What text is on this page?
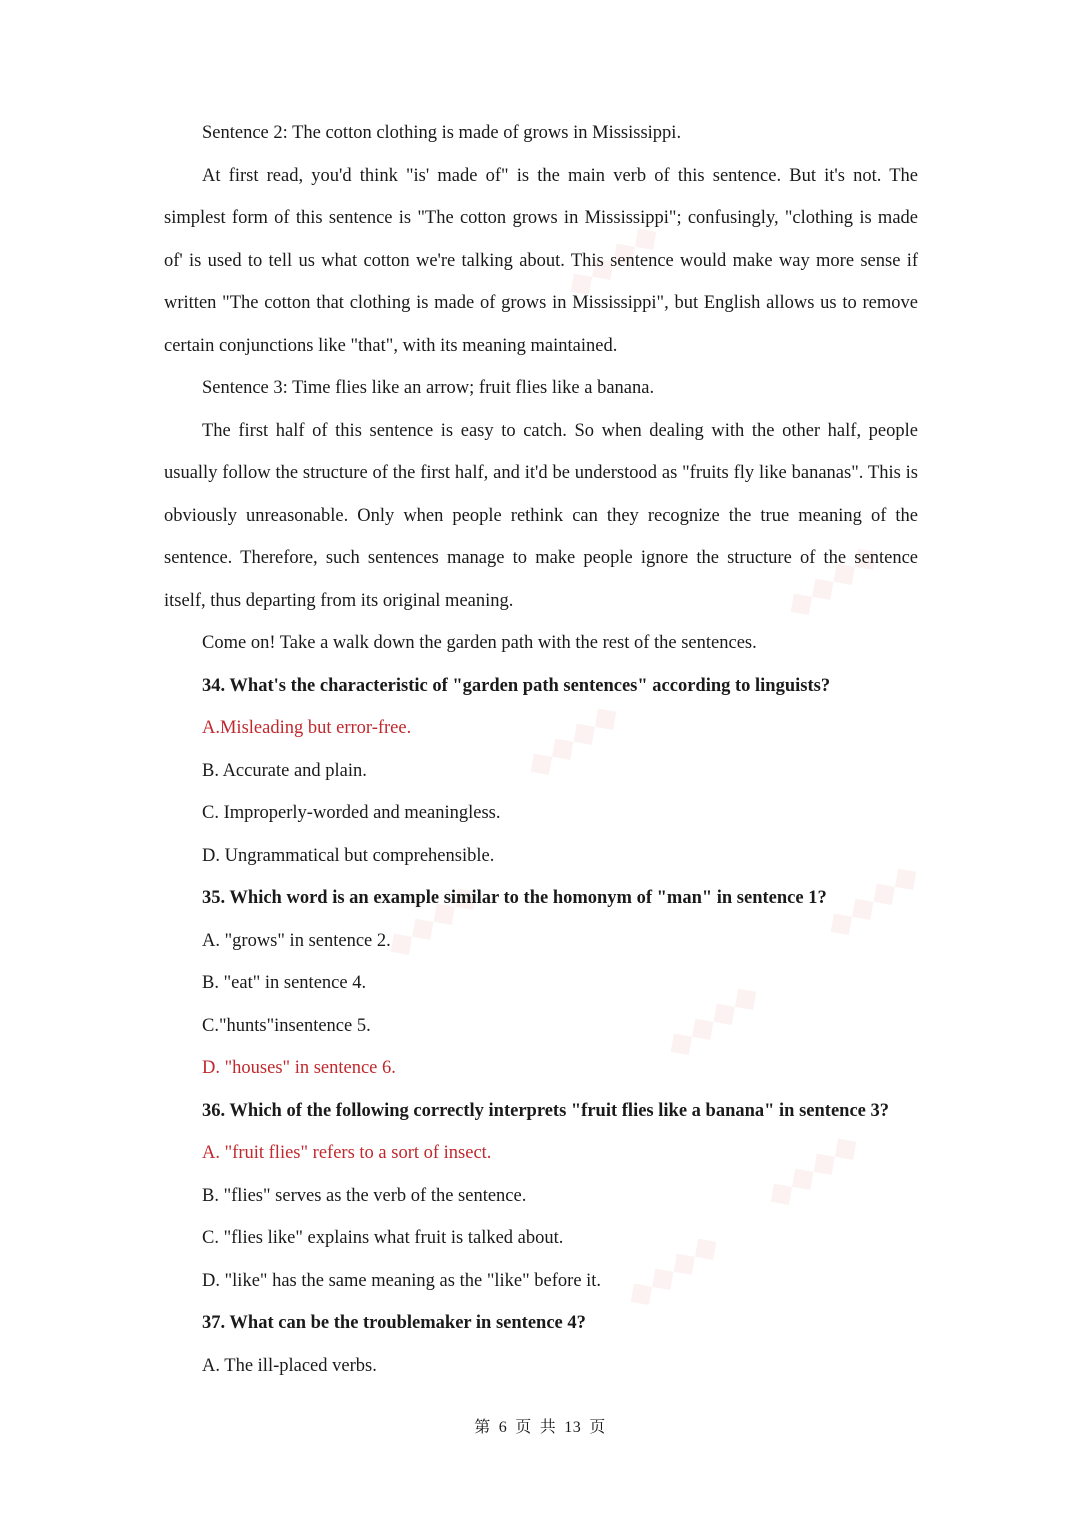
◆◆◆◆
◆◆◆◆
◆◆◆◆
◆◆◆◆	◆◆◆◆
◆◆◆◆
◆◆◆◆
◆◆◆◆

Sentence 2: The cotton clothing is made of grows in Mississippi.

At first read, you'd think "is' made of" is the main verb of this sentence. But it's not. The simplest form of this sentence is "The cotton grows in Mississippi"; confusingly, "clothing is made of' is used to tell us what cotton we're talking about. This sentence would make way more sense if written "The cotton that clothing is made of grows in Mississippi", but English allows us to remove certain conjunctions like "that", with its meaning maintained.

Sentence 3: Time flies like an arrow; fruit flies like a banana.

The first half of this sentence is easy to catch. So when dealing with the other half, people usually follow the structure of the first half, and it'd be understood as "fruits fly like bananas". This is obviously unreasonable. Only when people rethink can they recognize the true meaning of the sentence. Therefore, such sentences manage to make people ignore the structure of the sentence itself, thus departing from its original meaning.

Come on! Take a walk down the garden path with the rest of the sentences.

34. What's the characteristic of "garden path sentences" according to linguists?

A.Misleading but error-free.

B. Accurate and plain.

C. Improperly-worded and meaningless.

D. Ungrammatical but comprehensible.

35. Which word is an example similar to the homonym of "man" in sentence 1?

A. "grows" in sentence 2.

B. "eat" in sentence 4.

C."hunts"insentence 5.

D. "houses" in sentence 6.

36. Which of the following correctly interprets "fruit flies like a banana" in sentence 3?

A. "fruit flies" refers to a sort of insect.

B. "flies" serves as the verb of the sentence.

C. "flies like" explains what fruit is talked about.

D. "like" has the same meaning as the "like" before it.

37. What can be the troublemaker in sentence 4?

A. The ill-placed verbs.

第 6 页 共 13 页
